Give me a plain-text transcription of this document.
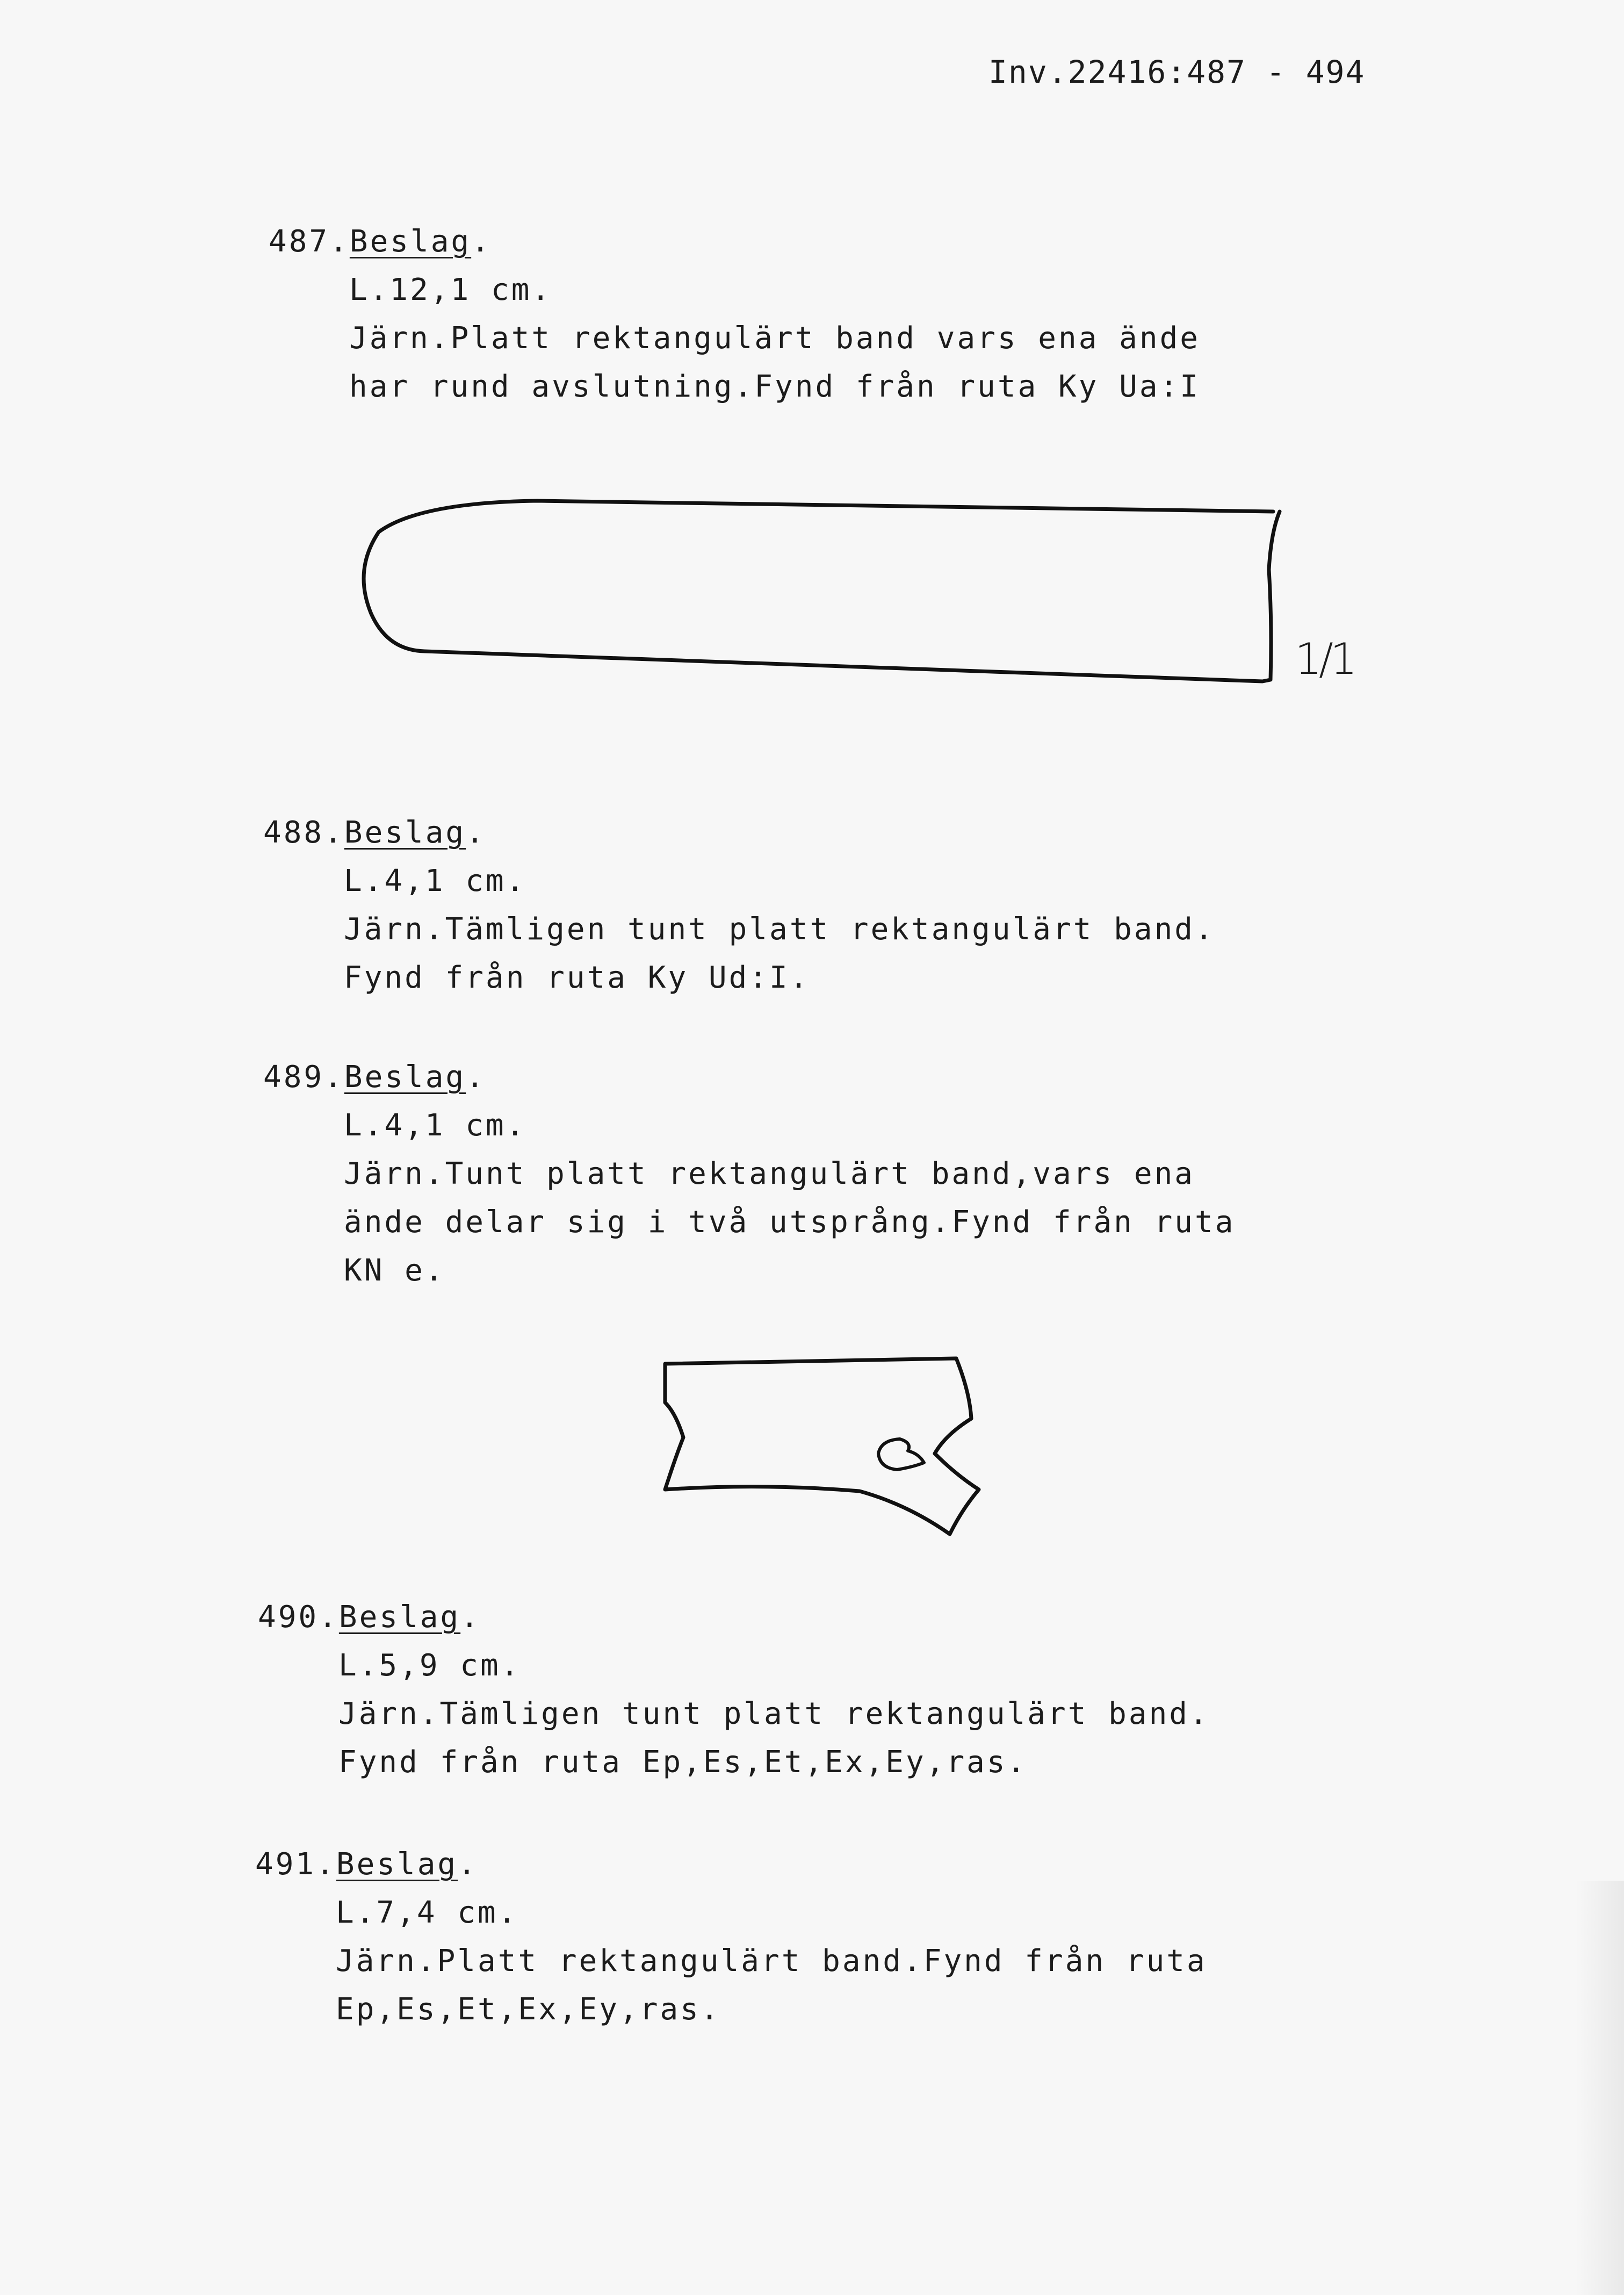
Inv.22416:487 - 494
487.Beslag.
L.12,1 cm.
Järn.Platt rektangulärt band vars ena ände
har rund avslutning.Fynd från ruta Ky Ua:I
1/1
488.Beslag.
L.4,1 cm.
Järn.Tämligen tunt platt rektangulärt band.
Fynd från ruta Ky Ud:I.
489.Beslag.
L.4,1 cm.
Järn.Tunt platt rektangulärt band,vars ena
ände delar sig i två utsprång.Fynd från ruta
KN e.
490.Beslag.
L.5,9 cm.
Järn.Tämligen tunt platt rektangulärt band.
Fynd från ruta Ep,Es,Et,Ex,Ey,ras.
491.Beslag.
L.7,4 cm.
Järn.Platt rektangulärt band.Fynd från ruta
Ep,Es,Et,Ex,Ey,ras.
